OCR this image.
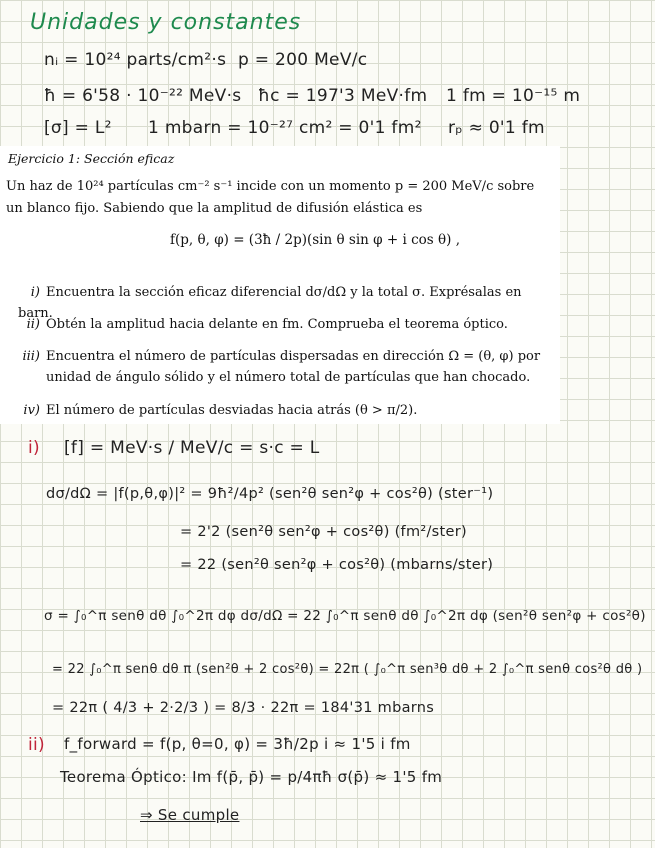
Unidades y constantes
nᵢ = 10²⁴ parts/cm²·s p = 200 MeV/c
ħ = 6'58 · 10⁻²² MeV·s ħc = 197'3 MeV·fm 1 fm = 10⁻¹⁵ m
[σ] = L² 1 mbarn = 10⁻²⁷ cm² = 0'1 fm² rₚ ≈ 0'1 fm
Ejercicio 1: Sección eficaz
Un haz de 10²⁴ partículas cm⁻² s⁻¹ incide con un momento p = 200 MeV/c sobre un blanco fijo. Sabiendo que la amplitud de difusión elástica es
f(p, θ, φ) = (3ħ / 2p)(sin θ sin φ + i cos θ) ,
i) Encuentra la sección eficaz diferencial dσ/dΩ y la total σ. Exprésalas en barn.
ii) Obtén la amplitud hacia delante en fm. Comprueba el teorema óptico.
iii) Encuentra el número de partículas dispersadas en dirección Ω = (θ, φ) por unidad de ángulo sólido y el número total de partículas que han chocado.
iv) El número de partículas desviadas hacia atrás (θ > π/2).
i) [f] = MeV·s / MeV/c = s·c = L
dσ/dΩ = |f(p,θ,φ)|² = 9ħ²/4p² (sen²θ sen²φ + cos²θ) (ster⁻¹)
= 2'2 (sen²θ sen²φ + cos²θ) (fm²/ster)
= 22 (sen²θ sen²φ + cos²θ) (mbarns/ster)
σ = ∫₀^π senθ dθ ∫₀^2π dφ dσ/dΩ = 22 ∫₀^π senθ dθ ∫₀^2π dφ (sen²θ sen²φ + cos²θ)
= 22 ∫₀^π senθ dθ π (sen²θ + 2 cos²θ) = 22π ( ∫₀^π sen³θ dθ + 2 ∫₀^π senθ cos²θ dθ )
= 22π ( 4/3 + 2·2/3 ) = 8/3 · 22π = 184'31 mbarns
ii) f_forward = f(p, θ=0, φ) = 3ħ/2p i ≈ 1'5 i fm
Teorema Óptico: Im f(p̄, p̄) = p/4πħ σ(p̄) ≈ 1'5 fm
⇒ Se cumple
